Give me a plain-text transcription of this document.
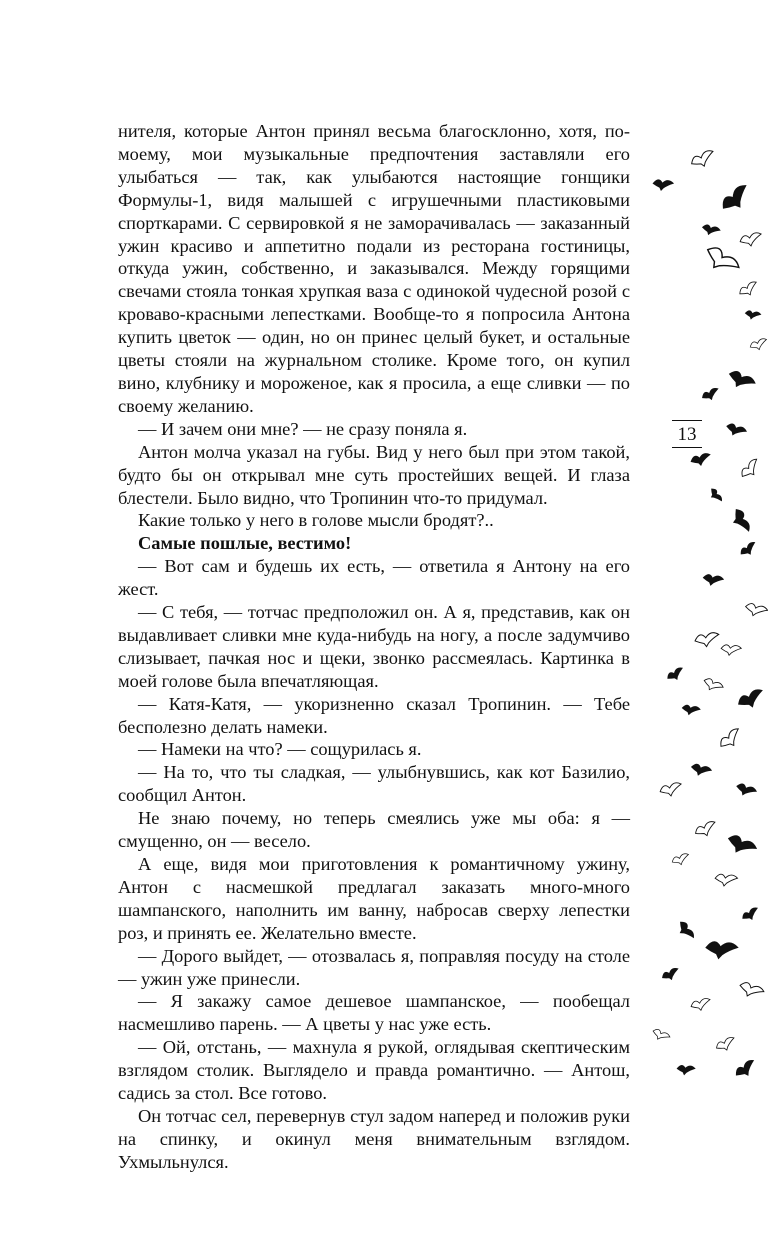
нителя, которые Антон принял весьма благосклонно, хотя, по-моему, мои музыкальные предпочтения заставляли его улыбаться — так, как улыбаются настоящие гонщики Формулы-1, видя малышей с игрушечными пластиковыми спорткарами. С сервировкой я не заморачивалась — заказанный ужин красиво и аппетитно подали из ресторана гостиницы, откуда ужин, собственно, и заказывался. Между горящими свечами стояла тонкая хрупкая ваза с одинокой чудесной розой с кроваво-красными лепестками. Вообще-то я попросила Антона купить цветок — один, но он принес целый букет, и остальные цветы стояли на журнальном столике. Кроме того, он купил вино, клубнику и мороженое, как я просила, а еще сливки — по своему желанию.

— И зачем они мне? — не сразу поняла я.

Антон молча указал на губы. Вид у него был при этом такой, будто бы он открывал мне суть простейших вещей. И глаза блестели. Было видно, что Тропинин что-то придумал.

Какие только у него в голове мысли бродят?..

Самые пошлые, вестимо!

— Вот сам и будешь их есть, — ответила я Антону на его жест.

— С тебя, — тотчас предположил он. А я, представив, как он выдавливает сливки мне куда-нибудь на ногу, а после задумчиво слизывает, пачкая нос и щеки, звонко рассмеялась. Картинка в моей голове была впечатляющая.

— Катя-Катя, — укоризненно сказал Тропинин. — Тебе бесполезно делать намеки.

— Намеки на что? — сощурилась я.

— На то, что ты сладкая, — улыбнувшись, как кот Базилио, сообщил Антон.

Не знаю почему, но теперь смеялись уже мы оба: я — смущенно, он — весело.

А еще, видя мои приготовления к романтичному ужину, Антон с насмешкой предлагал заказать много-много шампанского, наполнить им ванну, набросав сверху лепестки роз, и принять ее. Желательно вместе.

— Дорого выйдет, — отозвалась я, поправляя посуду на столе — ужин уже принесли.

— Я закажу самое дешевое шампанское, — пообещал насмешливо парень. — А цветы у нас уже есть.

— Ой, отстань, — махнула я рукой, оглядывая скептическим взглядом столик. Выглядело и правда романтично. — Антош, садись за стол. Все готово.

Он тотчас сел, перевернув стул задом наперед и положив руки на спинку, и окинул меня внимательным взглядом. Ухмыльнулся.

13
